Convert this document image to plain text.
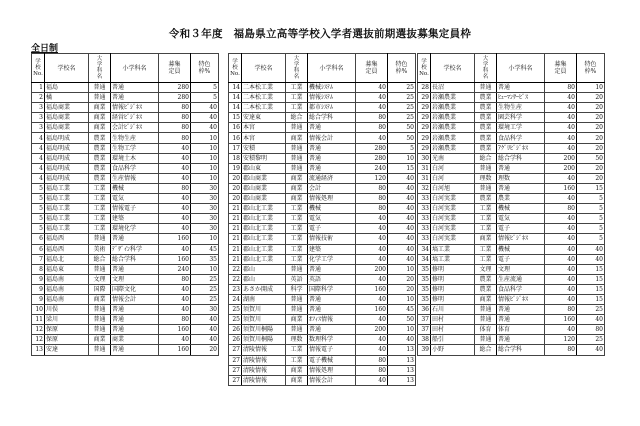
令和３年度　福島県立高等学校入学者選抜前期選抜募集定員枠
全日制
学校No.	学校名	大学科名	小学科名	募集定員	特色枠%
1	福島	普通	普通	280	5
2	橘	普通	普通	280	5
3	福島商業	商業	情報ﾋﾞｼﾞﾈｽ	80	40
3	福島商業	商業	経営ﾋﾞｼﾞﾈｽ	80	40
3	福島商業	商業	会計ﾋﾞｼﾞﾈｽ	80	40
4	福島明成	農業	生物生産	80	10
4	福島明成	農業	生物工学	40	10
4	福島明成	農業	環境土木	40	10
4	福島明成	農業	食品科学	40	10
4	福島明成	農業	生産情報	40	10
5	福島工業	工業	機械	80	30
5	福島工業	工業	電気	40	30
5	福島工業	工業	情報電子	40	30
5	福島工業	工業	建築	40	30
5	福島工業	工業	環境化学	40	30
6	福島西	普通	普通	160	10
6	福島西	美術	ﾃﾞｻﾞｲﾝ科学	40	45
7	福島北	総合	総合学科	160	35
8	福島東	普通	普通	240	10
9	福島南	文理	文理	80	25
9	福島南	国際	国際文化	40	25
9	福島南	商業	情報会計	40	25
10	川俣	普通	普通	40	30
11	梁川	普通	普通	80	40
12	保原	普通	普通	160	40
12	保原	商業	商業	40	40
13	安達	普通	普通	160	20
学校No.	学校名	大学科名	小学科名	募集定員	特色枠%
14	二本松工業	工業	機械ｼｽﾃﾑ	40	25
14	二本松工業	工業	情報ｼｽﾃﾑ	40	25
14	二本松工業	工業	都市ｼｽﾃﾑ	40	25
15	安達東	総合	総合学科	80	25
16	本宮	普通	普通	80	50
16	本宮	商業	情報会計	40	50
17	安積	普通	普通	280	5
18	安積黎明	普通	普通	280	10
19	郡山東	普通	普通	240	15
20	郡山商業	商業	流通経済	120	40
20	郡山商業	商業	会計	80	40
20	郡山商業	商業	情報処理	80	40
21	郡山北工業	工業	機械	80	40
21	郡山北工業	工業	電気	40	40
21	郡山北工業	工業	電子	40	40
21	郡山北工業	工業	情報技術	40	40
21	郡山北工業	工業	建築	40	40
21	郡山北工業	工業	化学工学	40	40
22	郡山	普通	普通	200	10
22	郡山	英語	英語	40	20
23	あさか開成	科学	国際科学	160	20
24	湖南	普通	普通	40	10
25	須賀川	普通	普通	160	45
25	須賀川	商業	ｵﾌｨｽ情報	40	50
26	須賀川桐陽	普通	普通	200	10
26	須賀川桐陽	理数	数理科学	40	40
27	清陵情報	工業	情報電子	40	13
27	清陵情報	工業	電子機械	80	13
27	清陵情報	商業	情報処理	80	13
27	清陵情報	商業	情報会計	40	13
学校No.	学校名	大学科名	小学科名	募集定員	特色枠%
28	長沼	普通	普通	80	10
29	岩瀬農業	農業	ﾋｭｰﾏﾝｻｰﾋﾞｽ	40	20
29	岩瀬農業	農業	生物生産	40	20
29	岩瀬農業	農業	園芸科学	40	20
29	岩瀬農業	農業	環境工学	40	20
29	岩瀬農業	農業	食品科学	40	20
29	岩瀬農業	農業	ｱｸﾞﾘﾋﾞｼﾞﾈｽ	40	20
30	光南	総合	総合学科	200	50
31	白河	普通	普通	200	20
31	白河	理数	理数	40	20
32	白河旭	普通	普通	160	15
33	白河実業	農業	農業	40	5
33	白河実業	工業	機械	80	5
33	白河実業	工業	電気	40	5
33	白河実業	工業	電子	40	5
33	白河実業	商業	情報ﾋﾞｼﾞﾈｽ	40	5
34	塙工業	工業	機械	40	40
34	塙工業	工業	電子	40	40
35	修明	文理	文理	40	15
35	修明	農業	生産流通	40	15
35	修明	農業	食品科学	40	15
35	修明	商業	情報ﾋﾞｼﾞﾈｽ	40	15
36	石川	普通	普通	80	25
37	田村	普通	普通	160	40
37	田村	体育	体育	40	80
38	船引	普通	普通	120	25
39	小野	総合	総合学科	80	40
